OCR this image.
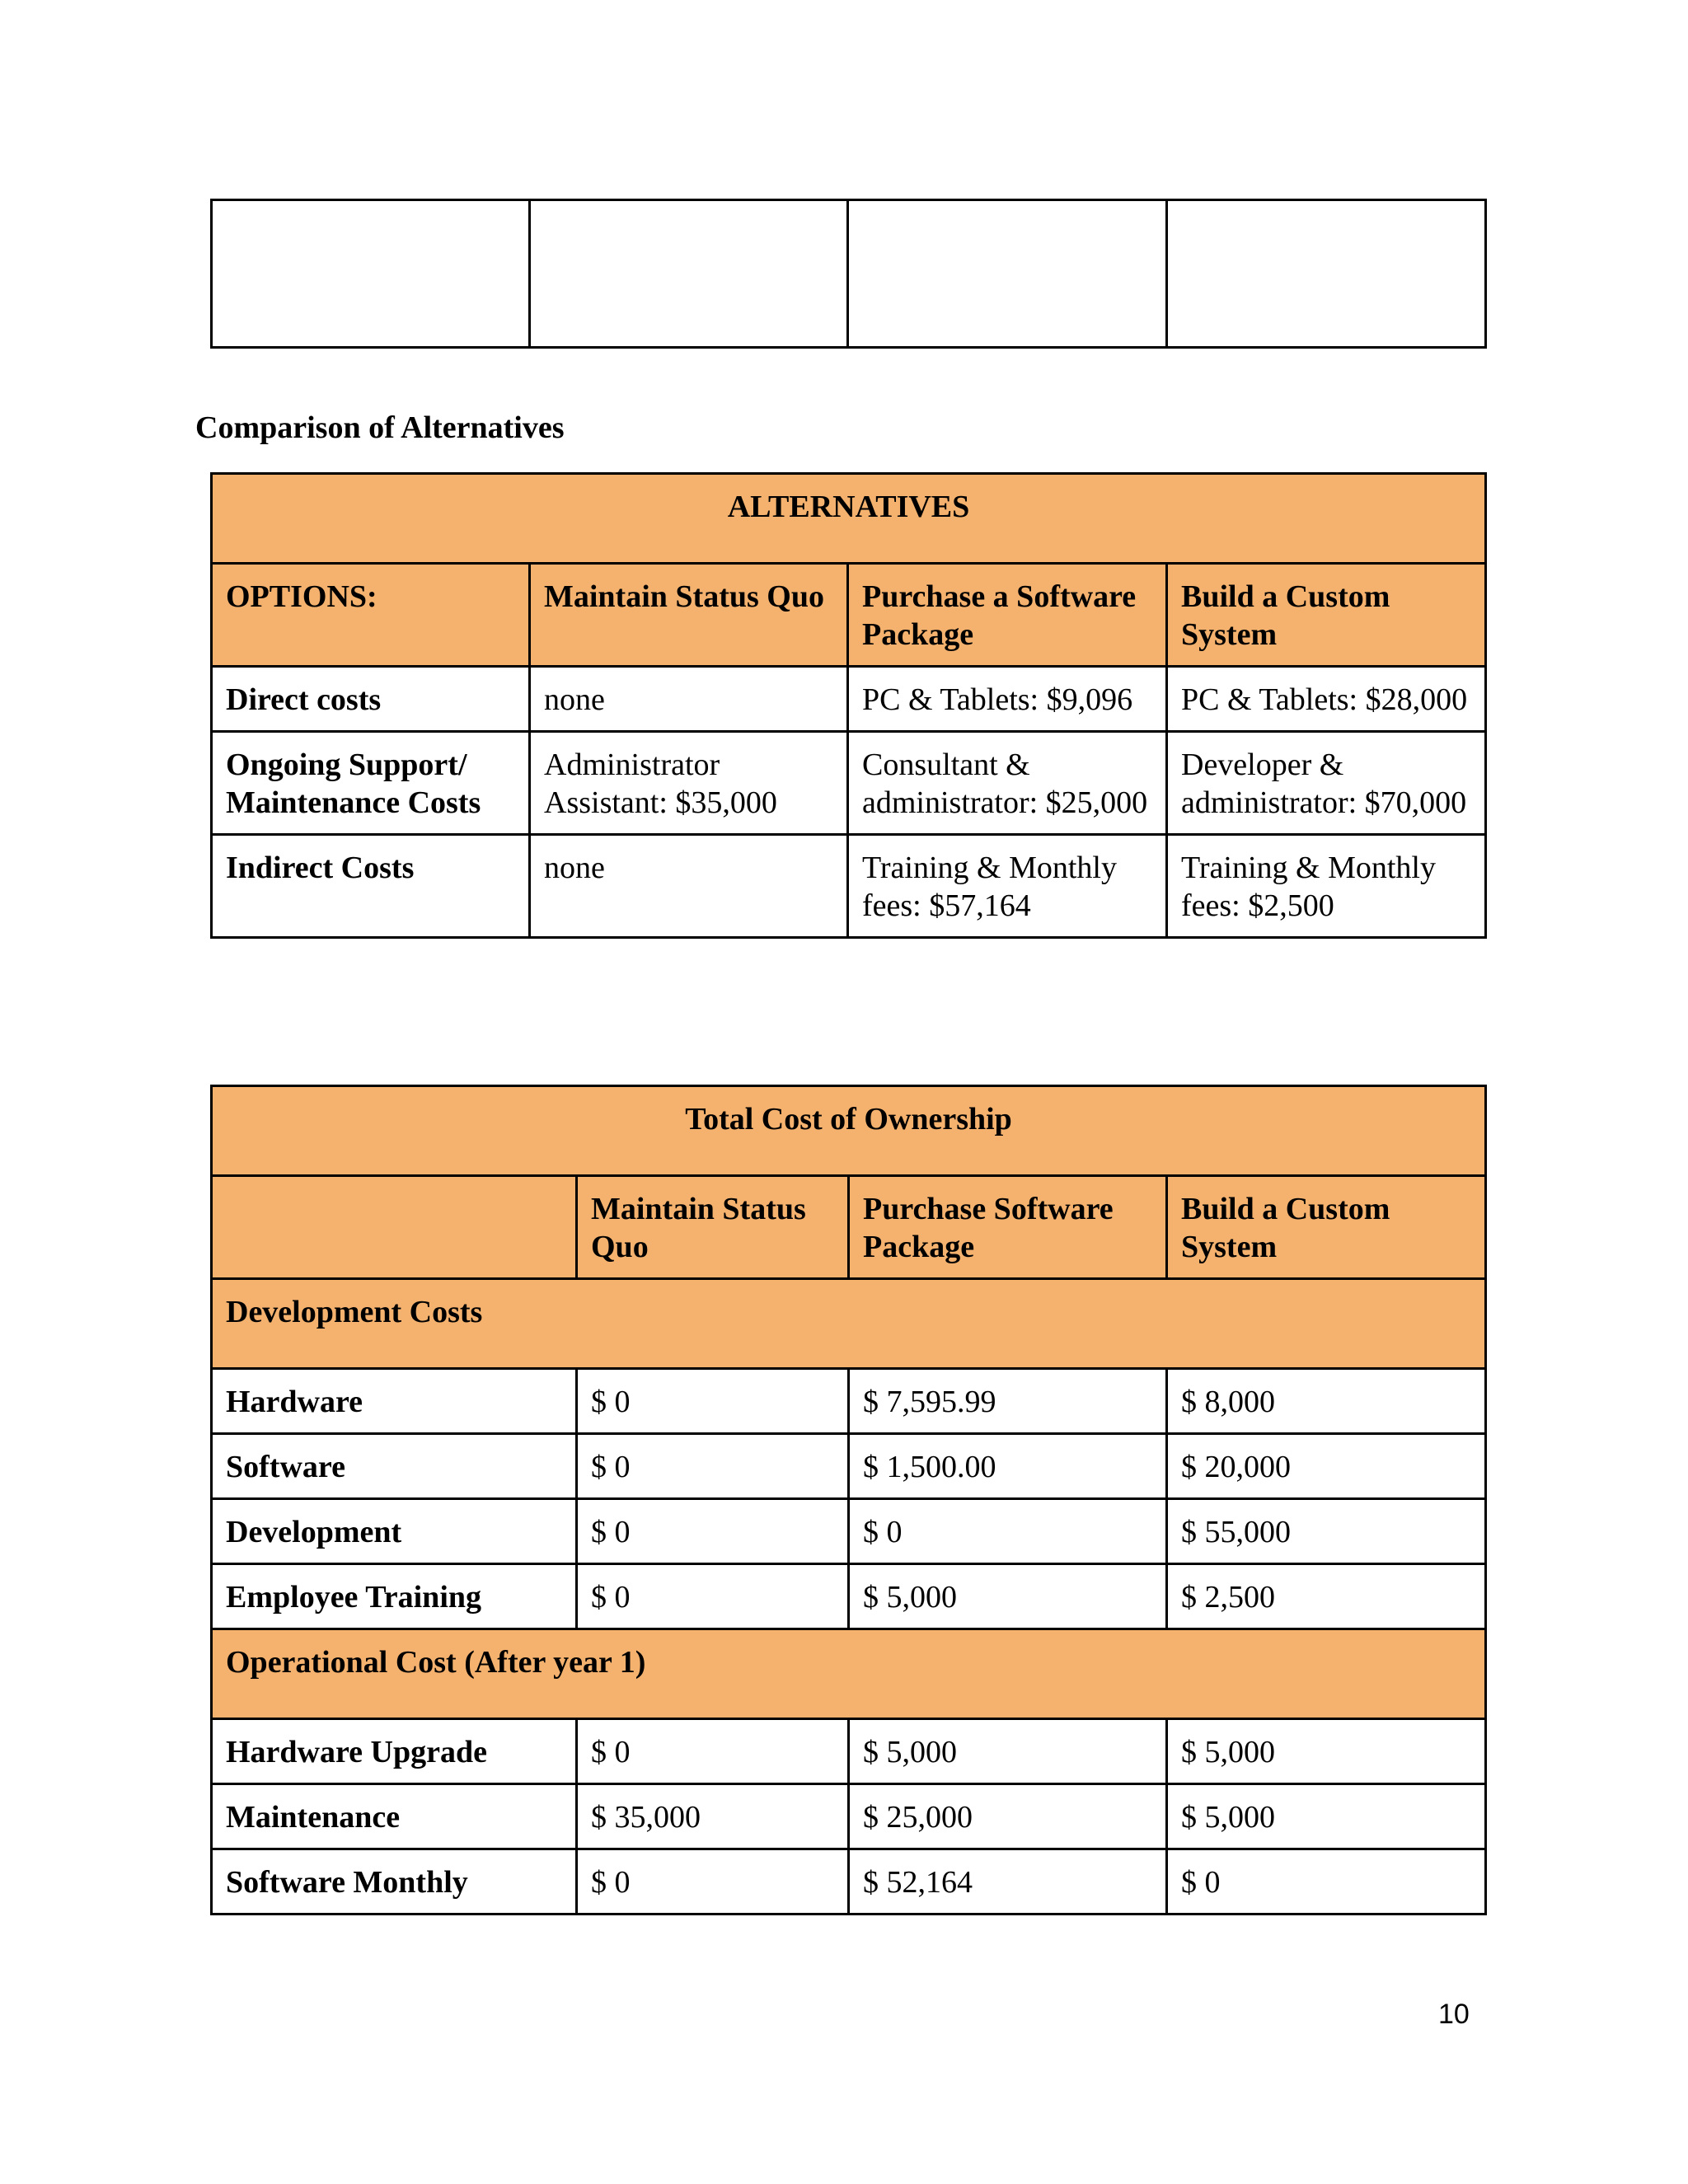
Comparison of Alternatives
ALTERNATIVES			
OPTIONS:	Maintain Status Quo	Purchase a Software Package	Build a Custom System
Direct costs	none	PC & Tablets: $9,096	PC & Tablets: $28,000
Ongoing Support/ Maintenance Costs	Administrator Assistant: $35,000	Consultant & administrator: $25,000	Developer & administrator: $70,000
Indirect Costs	none	Training & Monthly fees: $57,164	Training & Monthly fees: $2,500
Total Cost of Ownership			
	Maintain Status Quo	Purchase Software Package	Build a Custom System
Development Costs			
Hardware	$ 0	$ 7,595.99	$ 8,000
Software	$ 0	$ 1,500.00	$ 20,000
Development	$ 0	$ 0	$ 55,000
Employee Training	$ 0	$ 5,000	$ 2,500
Operational Cost (After year 1)			
Hardware Upgrade	$ 0	$ 5,000	$ 5,000
Maintenance	$ 35,000	$ 25,000	$ 5,000
Software Monthly	$ 0	$ 52,164	$ 0
10
